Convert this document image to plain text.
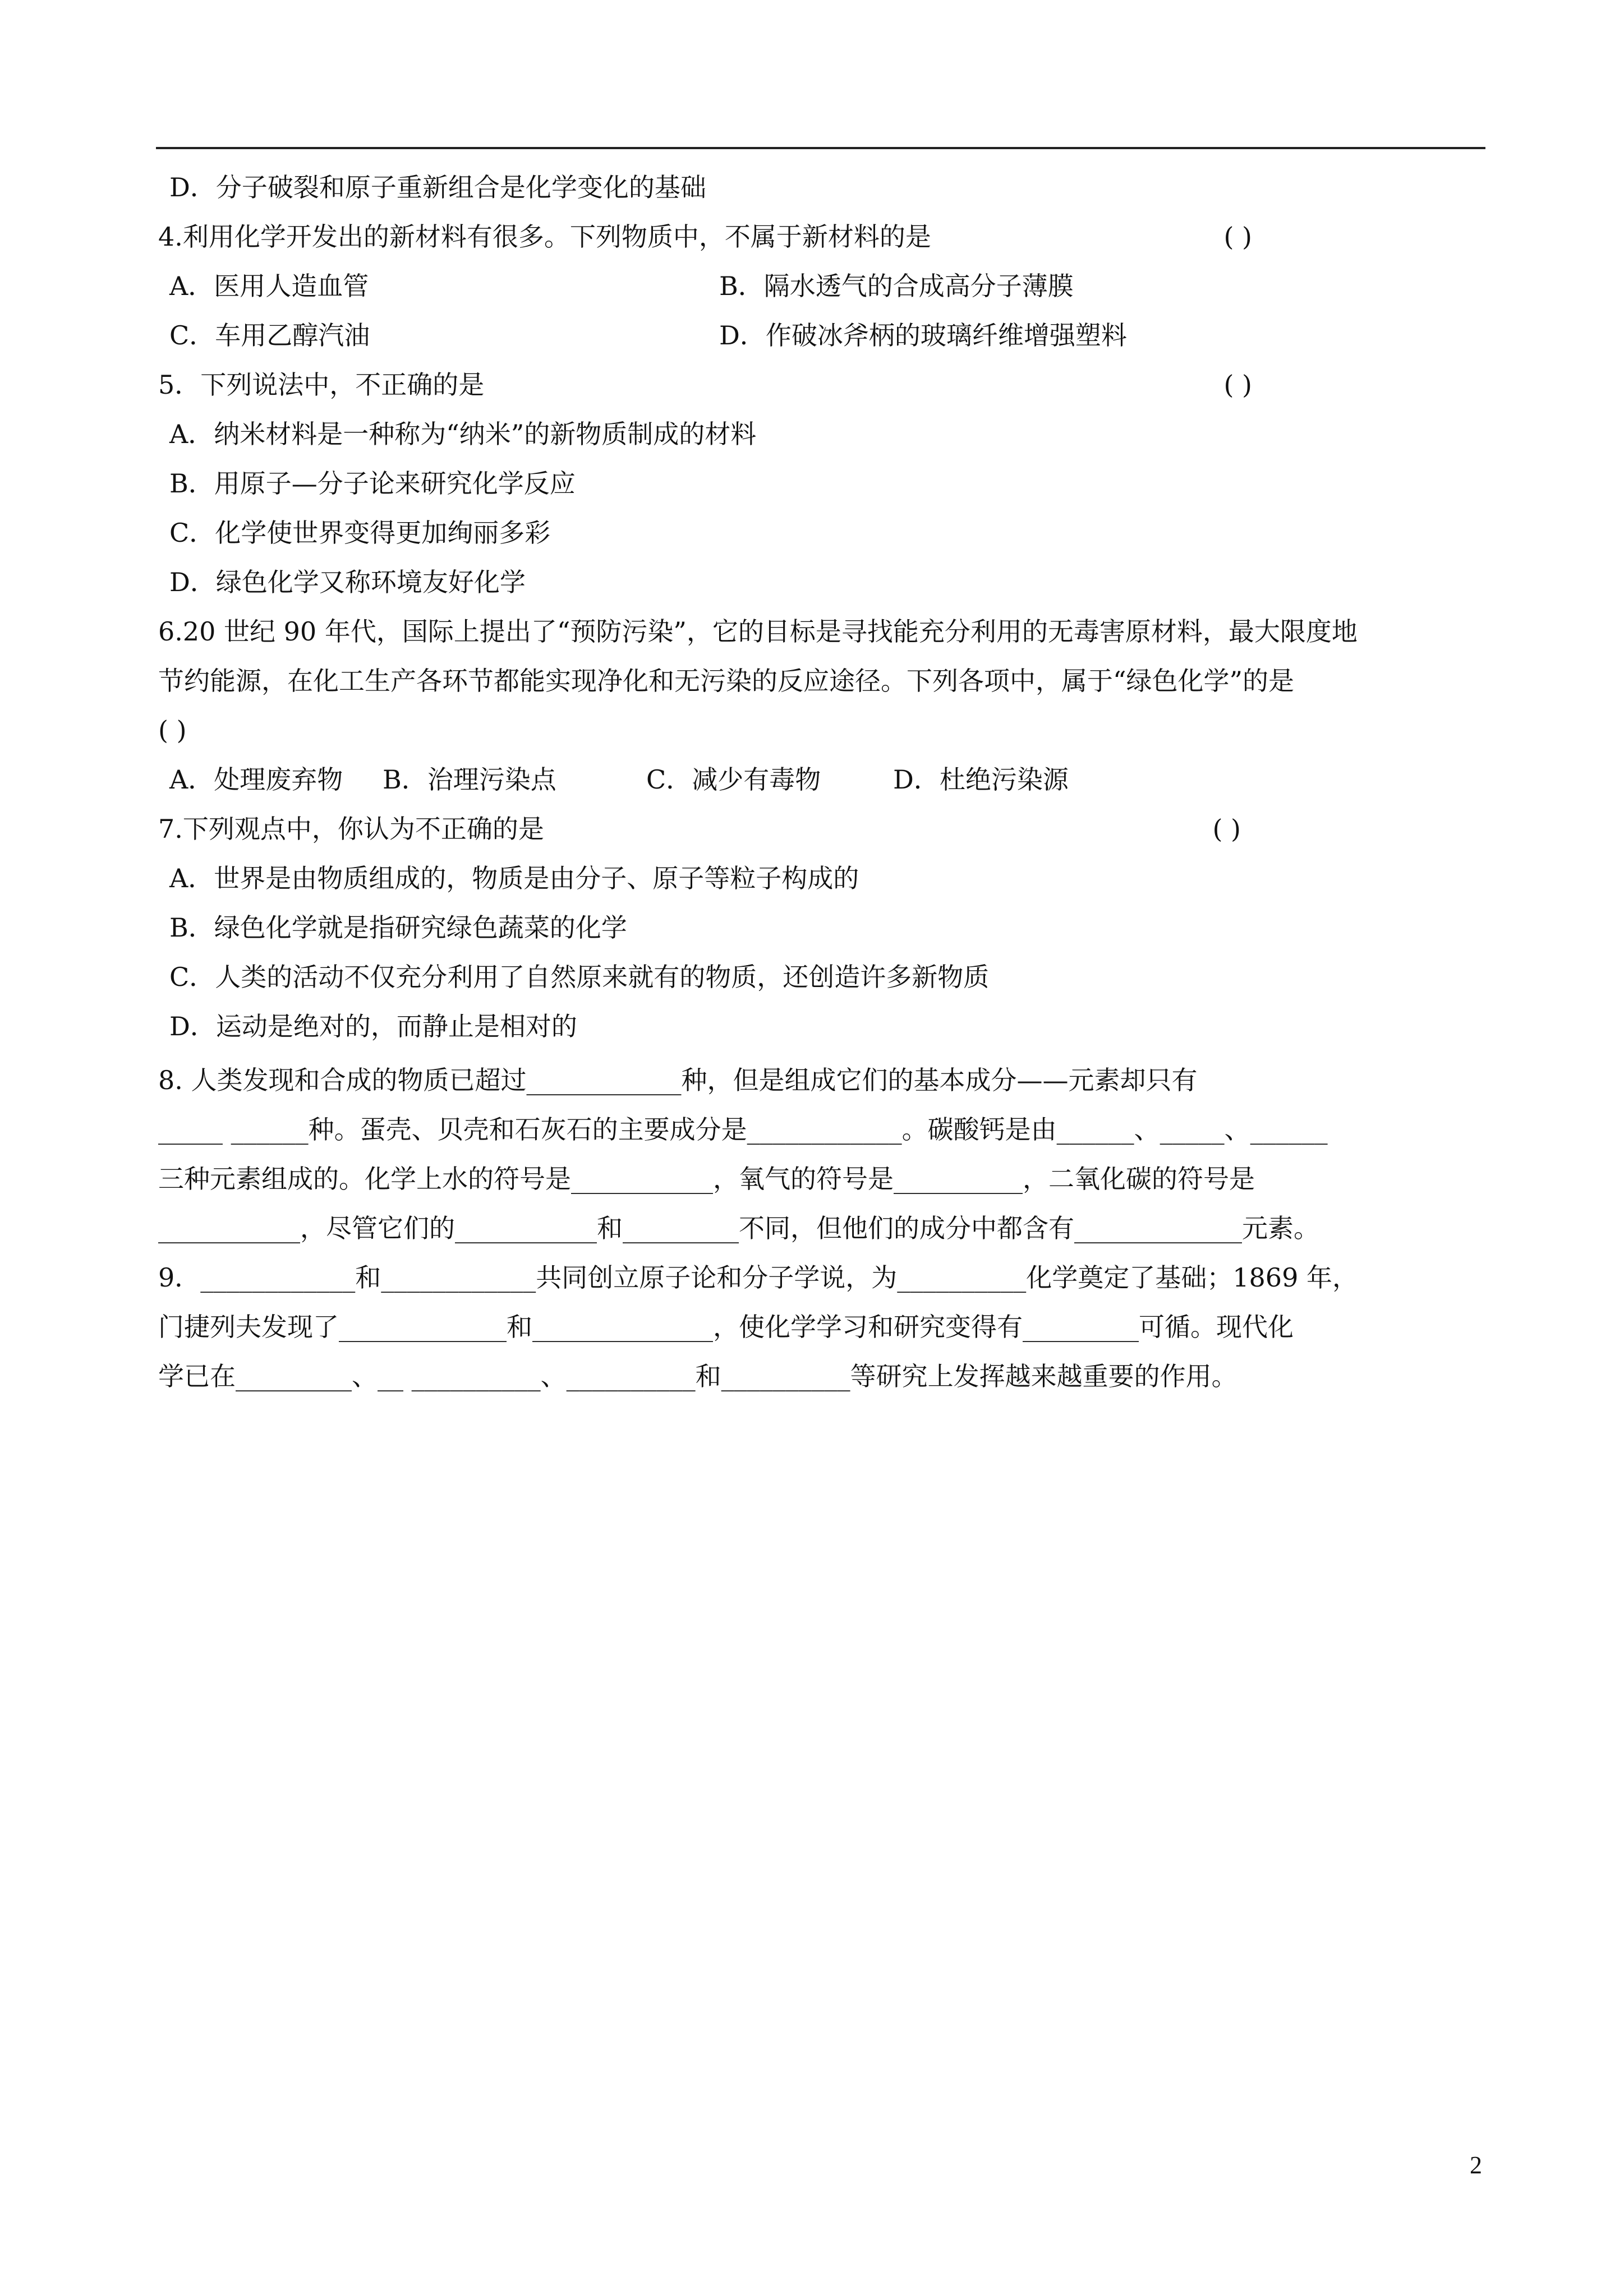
D．分子破裂和原子重新组合是化学变化的基础
4.利用化学开发出的新材料有很多。下列物质中，不属于新材料的是	( )
A．医用人造血管	B．隔水透气的合成高分子薄膜
C．车用乙醇汽油	D．作破冰斧柄的玻璃纤维增强塑料
5．下列说法中，不正确的是	( )
A．纳米材料是一种称为“纳米”的新物质制成的材料
B．用原子—分子论来研究化学反应
C．化学使世界变得更加绚丽多彩
D．绿色化学又称环境友好化学
6.20 世纪 90 年代，国际上提出了“预防污染”，它的目标是寻找能充分利用的无毒害原材料，最大限度地
节约能源，在化工生产各环节都能实现净化和无污染的反应途径。下列各项中，属于“绿色化学”的是
( )
A．处理废弃物 B．治理污染点	C．减少有毒物	D．杜绝污染源
7.下列观点中，你认为不正确的是	( )
A．世界是由物质组成的，物质是由分子、原子等粒子构成的
B．绿色化学就是指研究绿色蔬菜的化学
C．人类的活动不仅充分利用了自然原来就有的物质，还创造许多新物质
D．运动是绝对的，而静止是相对的
8. 人类发现和合成的物质已超过____________种，但是组成它们的基本成分——元素却只有
_____ ______种。蛋壳、贝壳和石灰石的主要成分是____________。碳酸钙是由______、_____、______
三种元素组成的。化学上水的符号是___________，氧气的符号是__________，二氧化碳的符号是
___________，尽管它们的___________和_________不同，但他们的成分中都含有_____________元素。
9．____________和____________共同创立原子论和分子学说，为__________化学奠定了基础；1869 年，
门捷列夫发现了_____________和______________，使化学学习和研究变得有_________可循。现代化
学已在_________、__ __________、__________和__________等研究上发挥越来越重要的作用。
2
